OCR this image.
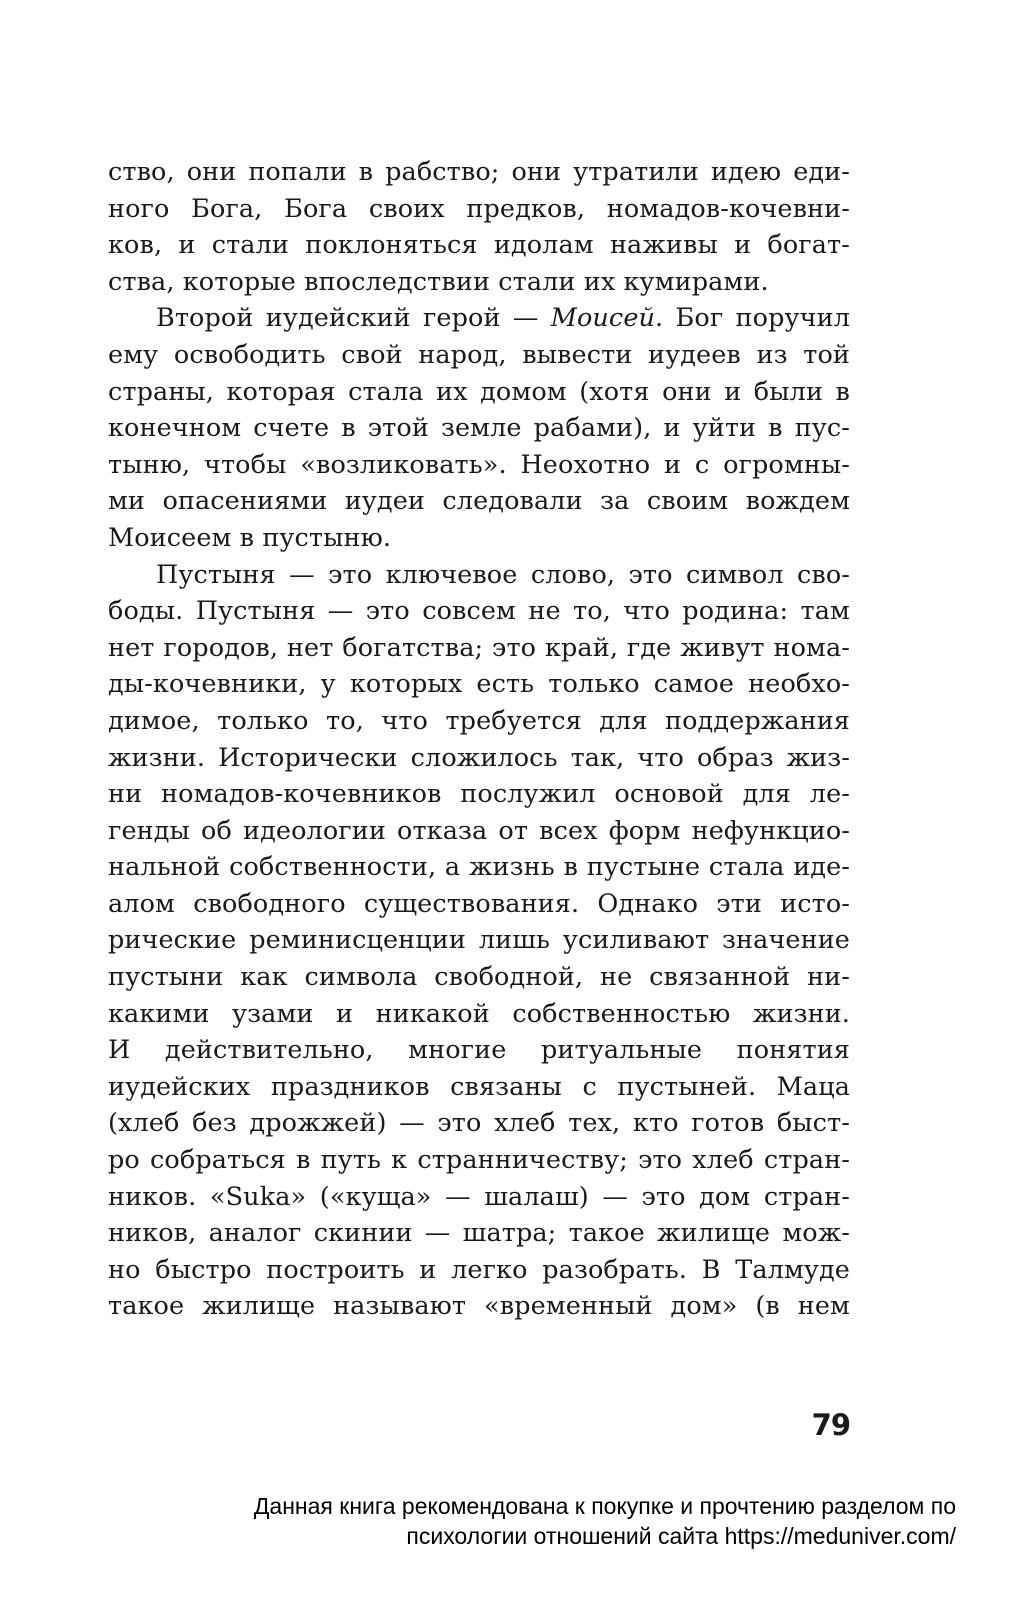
ство, они попали в рабство; они утратили идею еди-
ного Бога, Бога своих предков, номадов-кочевни-
ков, и стали поклоняться идолам наживы и богат-
ства, которые впоследствии стали их кумирами.
Второй иудейский герой — Моисей. Бог поручил
ему освободить свой народ, вывести иудеев из той
страны, которая стала их домом (хотя они и были в
конечном счете в этой земле рабами), и уйти в пус-
тыню, чтобы «возликовать». Неохотно и с огромны-
ми опасениями иудеи следовали за своим вождем
Моисеем в пустыню.
Пустыня — это ключевое слово, это символ сво-
боды. Пустыня — это совсем не то, что родина: там
нет городов, нет богатства; это край, где живут нома-
ды-кочевники, у которых есть только самое необхо-
димое, только то, что требуется для поддержания
жизни. Исторически сложилось так, что образ жиз-
ни номадов-кочевников послужил основой для ле-
генды об идеологии отказа от всех форм нефункцио-
нальной собственности, а жизнь в пустыне стала иде-
алом свободного существования. Однако эти исто-
рические реминисценции лишь усиливают значение
пустыни как символа свободной, не связанной ни-
какими узами и никакой собственностью жизни.
И действительно, многие ритуальные понятия
иудейских праздников связаны с пустыней. Маца
(хлеб без дрожжей) — это хлеб тех, кто готов быст-
ро собраться в путь к странничеству; это хлеб стран-
ников. «Suka» («куща» — шалаш) — это дом стран-
ников, аналог скинии — шатра; такое жилище мож-
но быстро построить и легко разобрать. В Талмуде
такое жилище называют «временный дом» (в нем
79
Данная книга рекомендована к покупке и прочтению разделом по
психологии отношений сайта https://meduniver.com/
